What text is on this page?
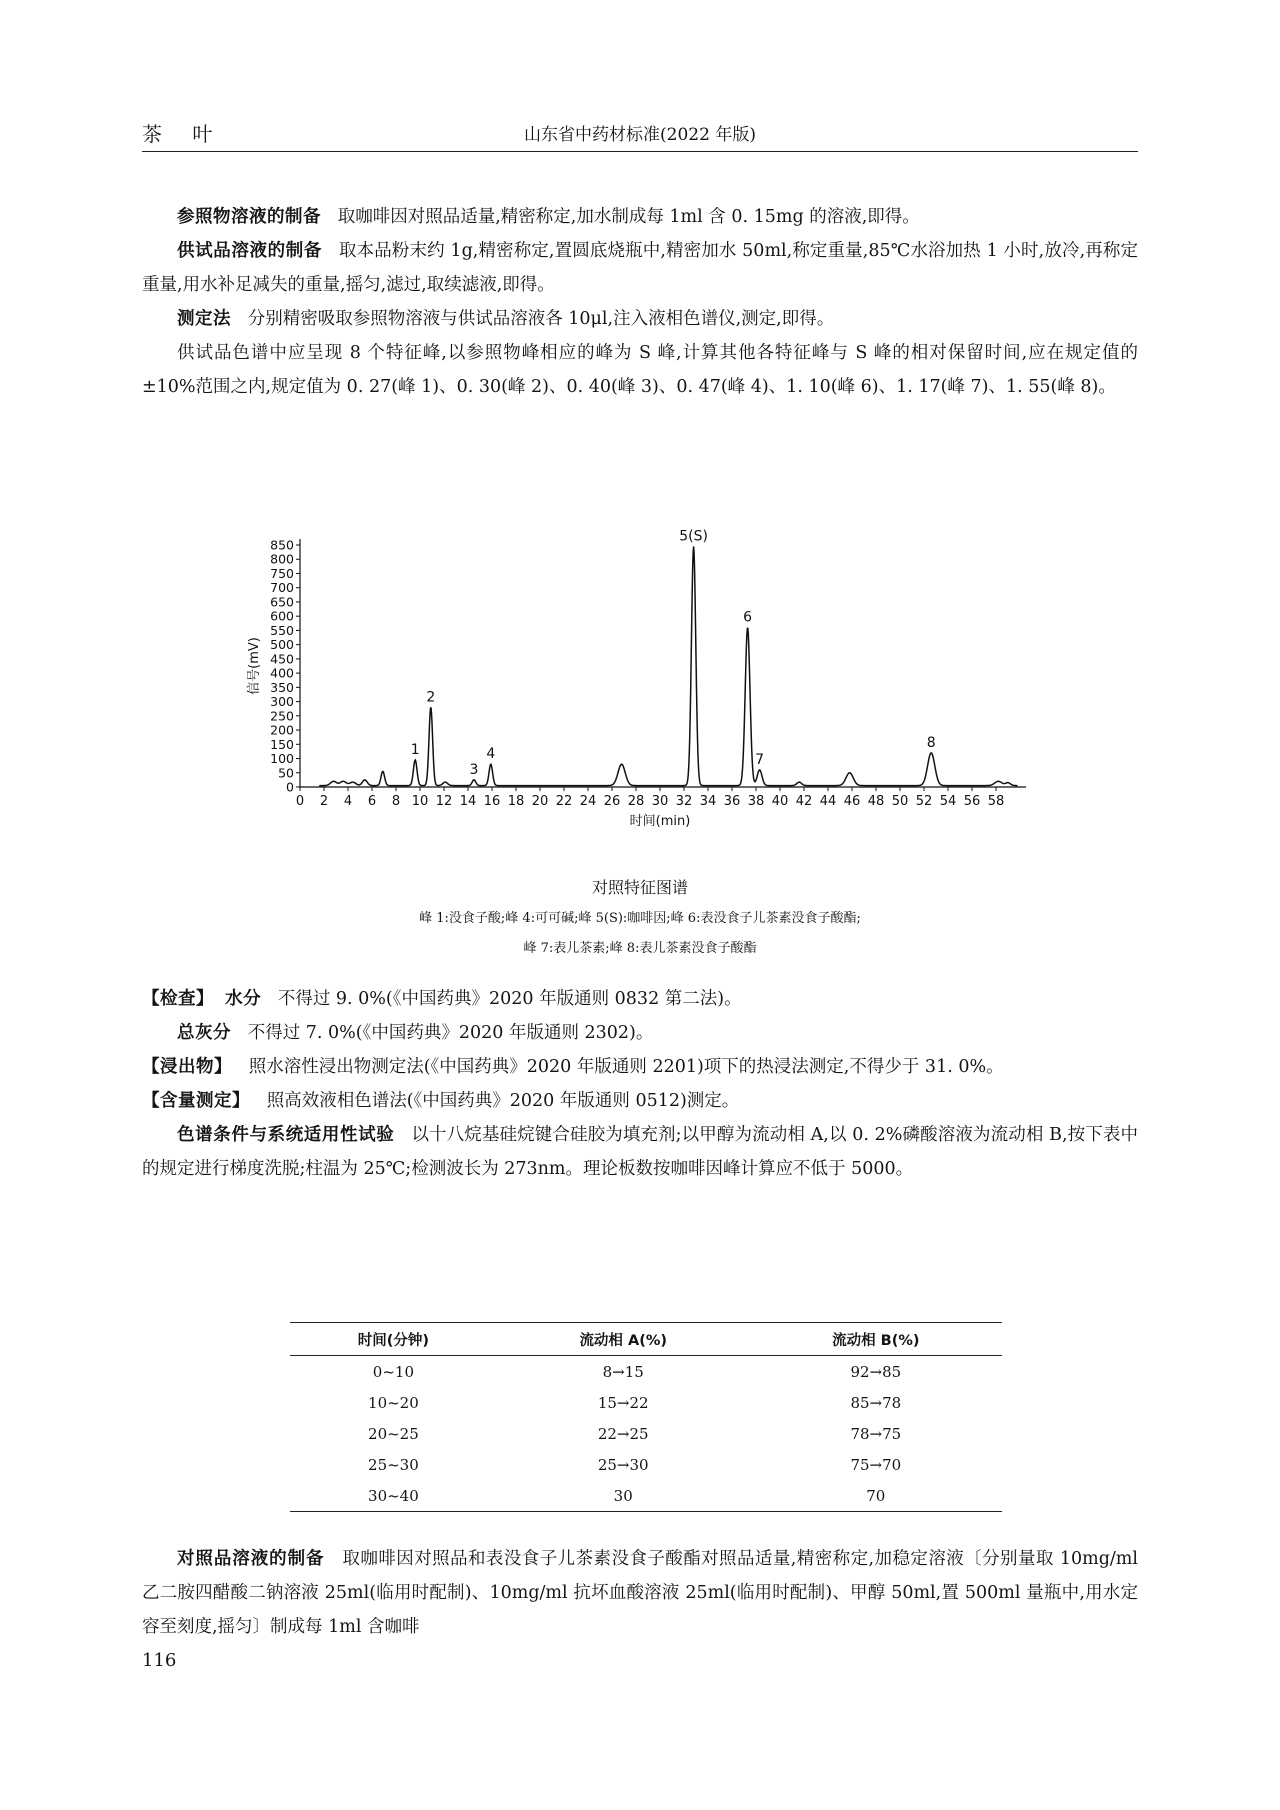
茶 叶	山东省中药材标准(2022 年版)

参照物溶液的制备 取咖啡因对照品适量,精密称定,加水制成每 1ml 含 0. 15mg 的溶液,即得。

供试品溶液的制备 取本品粉末约 1g,精密称定,置圆底烧瓶中,精密加水 50ml,称定重量,85℃水浴加热 1 小时,放冷,再称定重量,用水补足减失的重量,摇匀,滤过,取续滤液,即得。

测定法 分别精密吸取参照物溶液与供试品溶液各 10μl,注入液相色谱仪,测定,即得。

供试品色谱中应呈现 8 个特征峰,以参照物峰相应的峰为 S 峰,计算其他各特征峰与 S 峰的相对保留时间,应在规定值的±10%范围之内,规定值为 0. 27(峰 1)、0. 30(峰 2)、0. 40(峰 3)、0. 47(峰 4)、1. 10(峰 6)、1. 17(峰 7)、1. 55(峰 8)。

0
50
100
150
200
250
300
350
400
450
500
550
600
650
700
750
800
850
0 2 4 6 8 10 12 14 16 18 20 22 24 26 28 30 32 34 36 38 40 42 44 46 48 50 52 54 56 58
时间(min)
信号(mV)
1
2
3
4
5(S)
6
7
8
对照特征图谱
峰 1:没食子酸;峰 4:可可碱;峰 5(S):咖啡因;峰 6:表没食子儿茶素没食子酸酯;
峰 7:表儿茶素;峰 8:表儿茶素没食子酸酯

【检查】 水分 不得过 9. 0%(《中国药典》2020 年版通则 0832 第二法)。

总灰分 不得过 7. 0%(《中国药典》2020 年版通则 2302)。

【浸出物】 照水溶性浸出物测定法(《中国药典》2020 年版通则 2201)项下的热浸法测定,不得少于 31. 0%。

【含量测定】 照高效液相色谱法(《中国药典》2020 年版通则 0512)测定。

色谱条件与系统适用性试验 以十八烷基硅烷键合硅胶为填充剂;以甲醇为流动相 A,以 0. 2%磷酸溶液为流动相 B,按下表中的规定进行梯度洗脱;柱温为 25℃;检测波长为 273nm。理论板数按咖啡因峰计算应不低于 5000。

时间(分钟)	流动相 A(%)	流动相 B(%)
0~10	8→15	92→85
10~20	15→22	85→78
20~25	22→25	78→75
25~30	25→30	75→70
30~40	30	70

对照品溶液的制备 取咖啡因对照品和表没食子儿茶素没食子酸酯对照品适量,精密称定,加稳定溶液〔分别量取 10mg/ml 乙二胺四醋酸二钠溶液 25ml(临用时配制)、10mg/ml 抗坏血酸溶液 25ml(临用时配制)、甲醇 50ml,置 500ml 量瓶中,用水定容至刻度,摇匀〕制成每 1ml 含咖啡

116
